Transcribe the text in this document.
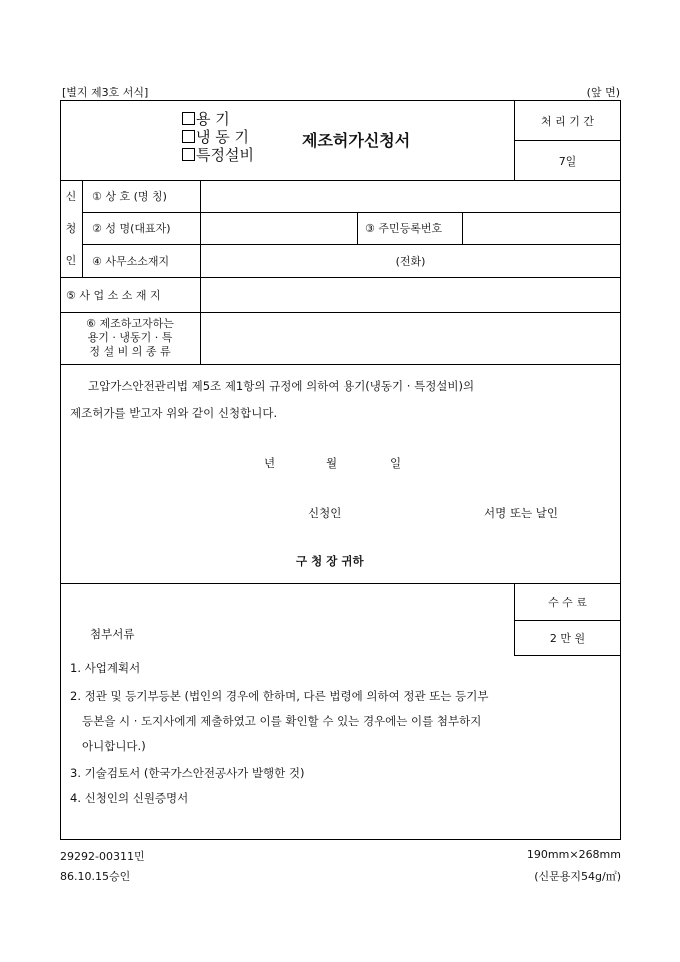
[별지 제3호 서식]	(앞 면)
용 기
냉 동 기
특정설비
제조허가신청서
처 리 기 간
7일
신
청
인
① 상 호 (명 칭)
② 성 명(대표자)	③ 주민등록번호
④ 사무소소재지	(전화)
⑤ 사 업 소 소 재 지
⑥ 제조하고자하는
용기 · 냉동기 · 특
정 설 비 의 종 류
고압가스안전관리법 제5조 제1항의 규정에 의하여 용기(냉동기 · 특정설비)의
제조허가를 받고자 위와 같이 신청합니다.
년	월	일
신청인	서명 또는 날인
구 청 장 귀하
수 수 료
2 만 원
첨부서류
1. 사업계획서
2. 정관 및 등기부등본 (법인의 경우에 한하며, 다른 법령에 의하여 정관 또는 등기부
등본을 시 · 도지사에게 제출하였고 이를 확인할 수 있는 경우에는 이를 첨부하지
아니합니다.)
3. 기술검토서 (한국가스안전공사가 발행한 것)
4. 신청인의 신원증명서
29292-00311민
86.10.15승인
190mm×268mm
(신문용지54g/㎡)
